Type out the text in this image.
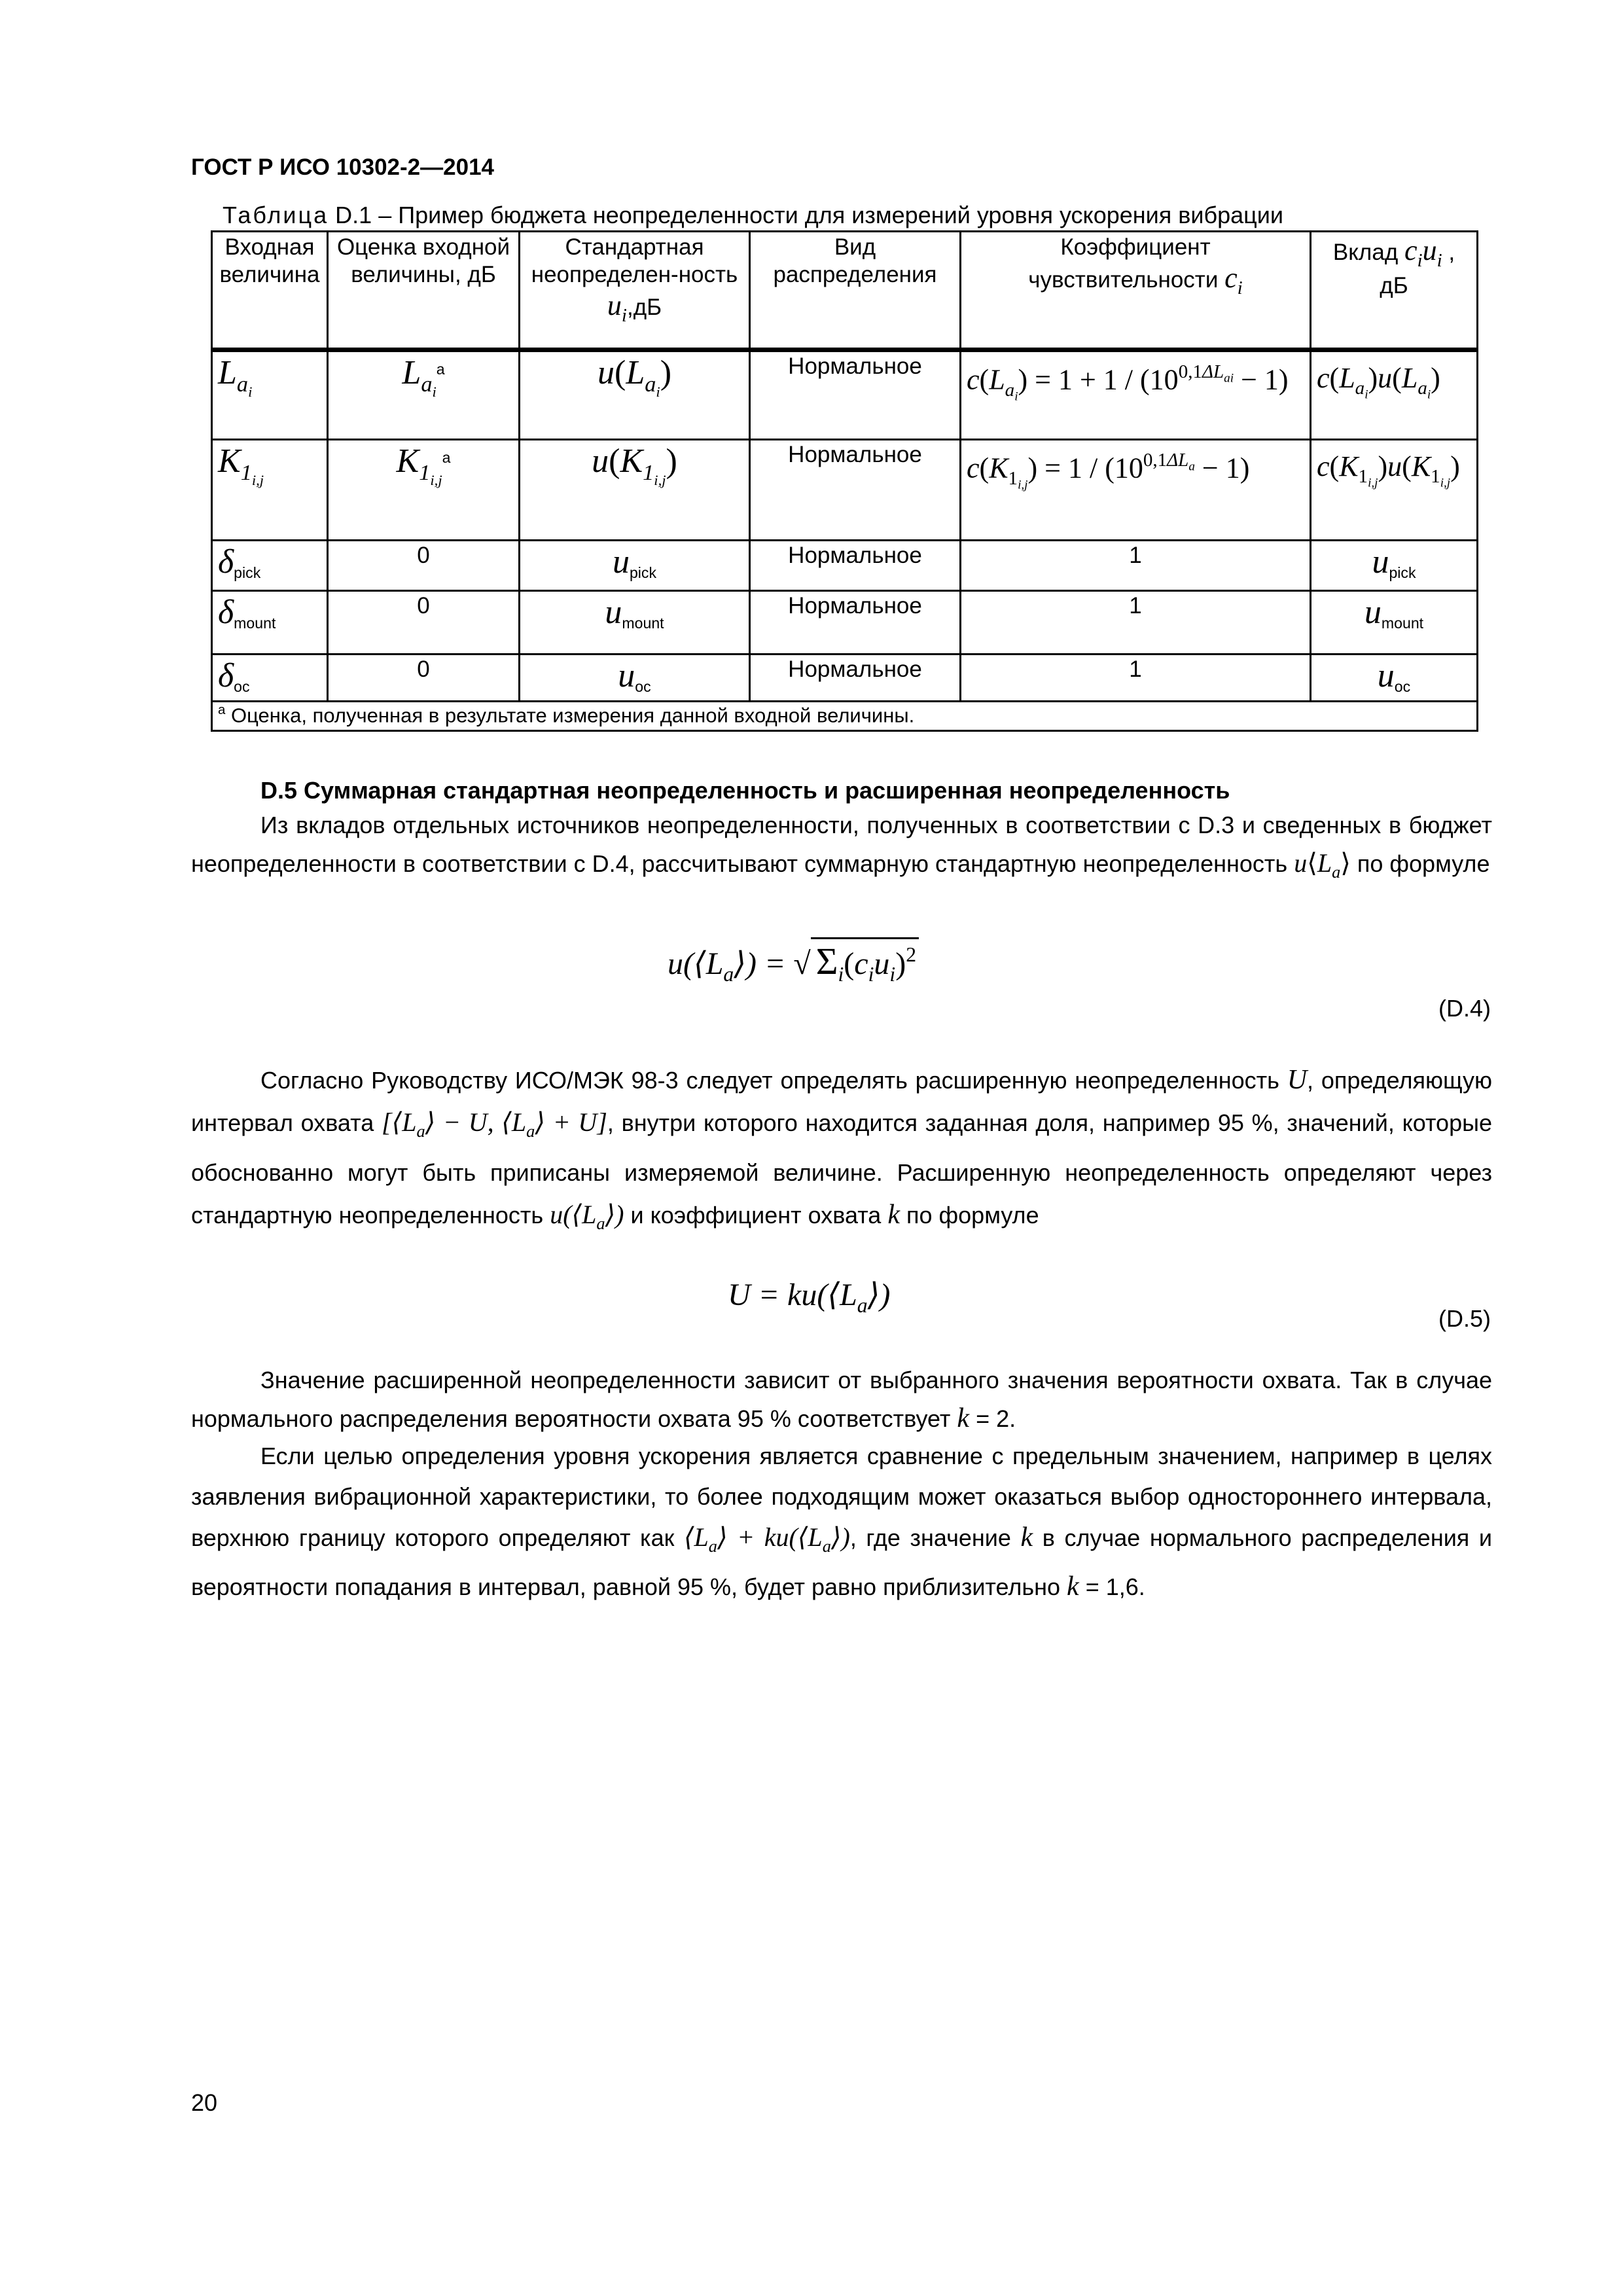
ГОСТ Р ИСО 10302-2—2014
Таблица D.1 – Пример бюджета неопределенности для измерений уровня ускорения вибрации
Входная величина	Оценка входной величины, дБ	Стандартная неопределен-ность $u_i,дБ$	Вид распределения	Коэффициент чувствительности $c_i$	Вклад $c_iu_i$ ,
дБ
$L_{a_i}$	$L_{a_i}^а$	$u(L_{a_i})$	Нормальное	$c(L_{a_i}) = 1 + 1 / (10^{0,1\Delta L_{ai}} - 1)$	$c(L_{a_i})u(L_{a_i})$
$K_{1_{i,j}}$	$K_{1_{i,j}}^а$	$u(K_{1_{i,j}})$	Нормальное	$c(K_{1_{i,j}}) = 1 / (10^{0,1\Delta L_a} - 1)$	$c(K_{1_{i,j}})u(K_{1_{i,j}})$
$\delta_{pick}$	0	$u_{pick}$	Нормальное	1	$u_{pick}$
$\delta_{mount}$	0	$u_{mount}$	Нормальное	1	$u_{mount}$
$\delta_{ос}$	0	$u_{ос}$	Нормальное	1	$u_{ос}$
$^а$ Оценка, полученная в результате измерения данной входной величины.					
D.5 Суммарная стандартная неопределенность и расширенная неопределенность

Из вкладов отдельных источников неопределенности, полученных в соответствии с D.3 и сведенных в бюджет неопределенности в соответствии с D.4, рассчитывают суммарную стандартную неопределенность $u⟨L_a⟩$ по формуле

$u(⟨L_a⟩)$ = √ $\Sigma_i(c_iu_i)^2$
(D.4)

Согласно Руководству ИСО/МЭК 98-3 следует определять расширенную неопределенность U, определяющую интервал охвата [$⟨L_a⟩ - U$, $⟨L_a⟩ + U$], внутри которого находится заданная доля, например 95 %, значений, которые обоснованно могут быть приписаны измеряемой величине. Расширенную неопределенность определяют через стандартную неопределенность $u(⟨L_a⟩)$ и коэффициент охвата k по формуле

$U = ku(⟨L_a⟩)$
(D.5)

Значение расширенной неопределенности зависит от выбранного значения вероятности охвата. Так в случае нормального распределения вероятности охвата 95 % соответствует k = 2.

Если целью определения уровня ускорения является сравнение с предельным значением, например в целях заявления вибрационной характеристики, то более подходящим может оказаться выбор одностороннего интервала, верхнюю границу которого определяют как $⟨L_a⟩$ + $ku(⟨L_a⟩)$, где значение k в случае нормального распределения и вероятности попадания в интервал, равной 95 %, будет равно приблизительно k = 1,6.

20
